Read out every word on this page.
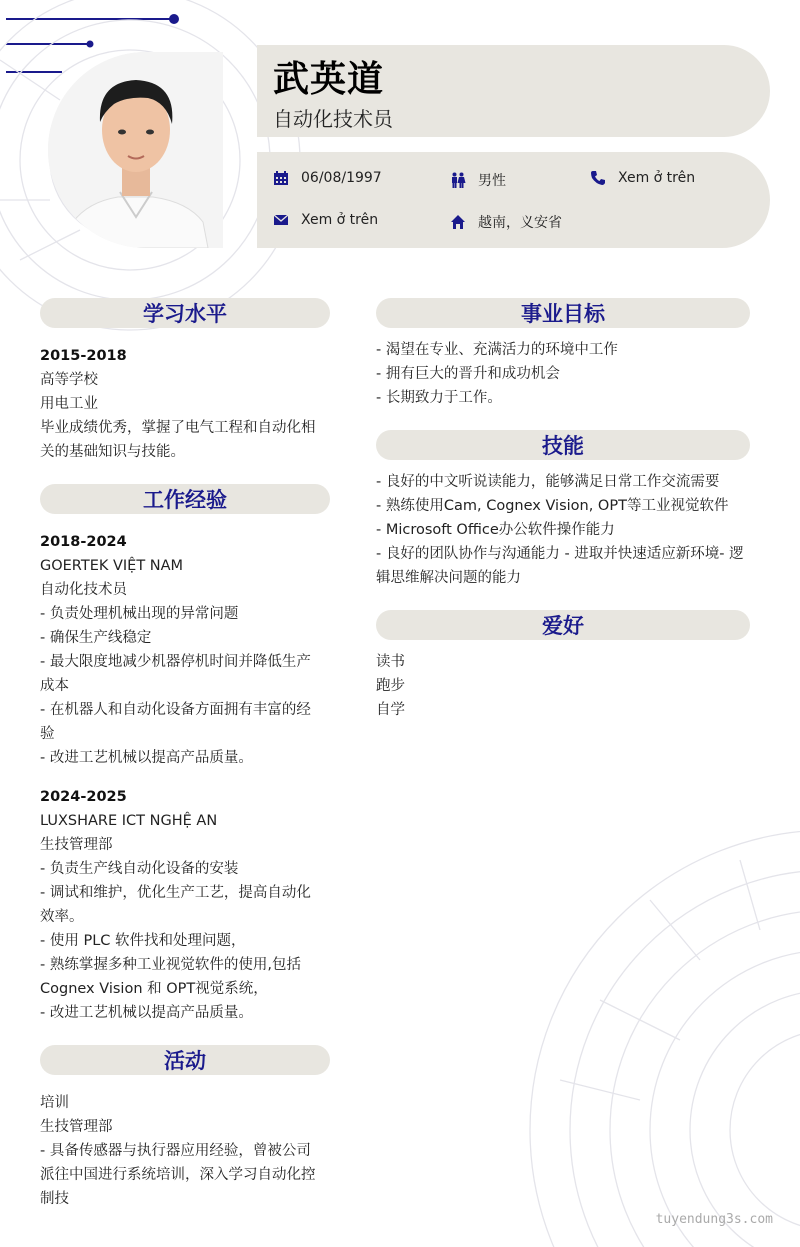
武英道
自动化技术员
06/08/1997	男性	Xem ở trên
Xem ở trên	越南，义安省
学习水平
2015-2018
高等学校
用电工业
毕业成绩优秀，掌握了电气工程和自动化相
关的基础知识与技能。
工作经验
2018-2024
GOERTEK VIỆT NAM
自动化技术员
- 负责处理机械出现的异常问题
- 确保生产线稳定
- 最大限度地减少机器停机时间并降低生产
成本
- 在机器人和自动化设备方面拥有丰富的经
验
- 改进工艺机械以提高产品质量。
2024-2025
LUXSHARE ICT NGHỆ AN
生技管理部
- 负责生产线自动化设备的安装
- 调试和维护，优化生产工艺，提高自动化
效率。
- 使用 PLC 软件找和处理问题，
- 熟练掌握多种工业视觉软件的使用,包括
Cognex Vision 和 OPT视觉系统，
- 改进工艺机械以提高产品质量。
活动
培训
生技管理部
- 具备传感器与执行器应用经验，曾被公司
派往中国进行系统培训，深入学习自动化控
制技
事业目标
- 渴望在专业、充满活力的环境中工作
- 拥有巨大的晋升和成功机会
- 长期致力于工作。
技能
- 良好的中文听说读能力，能够满足日常工作交流需要
- 熟练使用Cam, Cognex Vision, OPT等工业视觉软件
- Microsoft Office办公软件操作能力
- 良好的团队协作与沟通能力 - 进取并快速适应新环境- 逻
辑思维解决问题的能力
爱好
读书
跑步
自学
tuyendung3s.com
